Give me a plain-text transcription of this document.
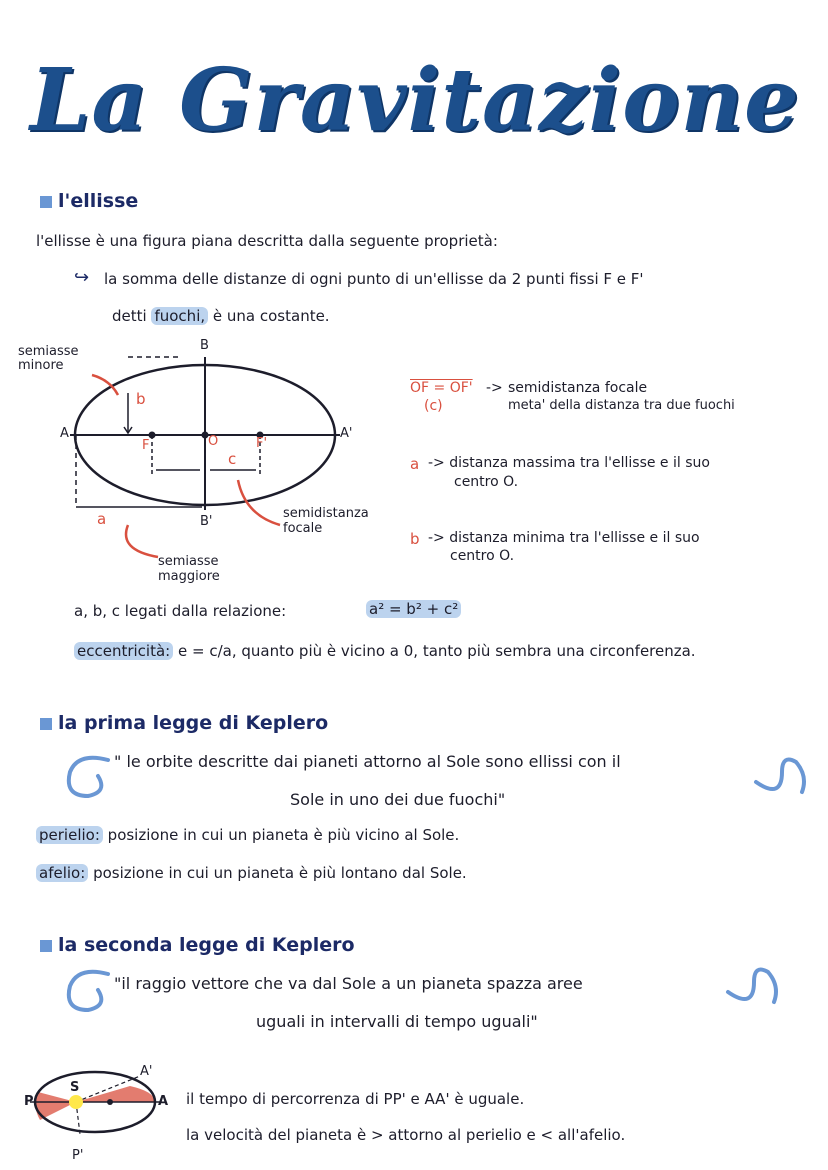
La Gravitazione
l'ellisse
l'ellisse è una figura piana descritta dalla seguente proprietà:
↪ la somma delle distanze di ogni punto di un'ellisse da 2 punti fissi F e F'
detti fuochi, è una costante.
semiasse minore
B
B'
A	A'
F	F'
O
a
b
c
semidistanza focale
semiasse maggiore
OF = OF' -> semidistanza focale
(c)	meta' della distanza tra due fuochi
a -> distanza massima tra l'ellisse e il suo
centro O.
b -> distanza minima tra l'ellisse e il suo
centro O.
a, b, c legati dalla relazione:	a² = b² + c²
eccentricità: e = c/a, quanto più è vicino a 0, tanto più sembra una circonferenza.
la prima legge di Keplero
" le orbite descritte dai pianeti attorno al Sole sono ellissi con il
Sole in uno dei due fuochi"
perielio: posizione in cui un pianeta è più vicino al Sole.
afelio: posizione in cui un pianeta è più lontano dal Sole.
la seconda legge di Keplero
"il raggio vettore che va dal Sole a un pianeta spazza aree
uguali in intervalli di tempo uguali"
P
P'
S
A
A'
il tempo di percorrenza di PP' e AA' è uguale.
la velocità del pianeta è > attorno al perielio e < all'afelio.
